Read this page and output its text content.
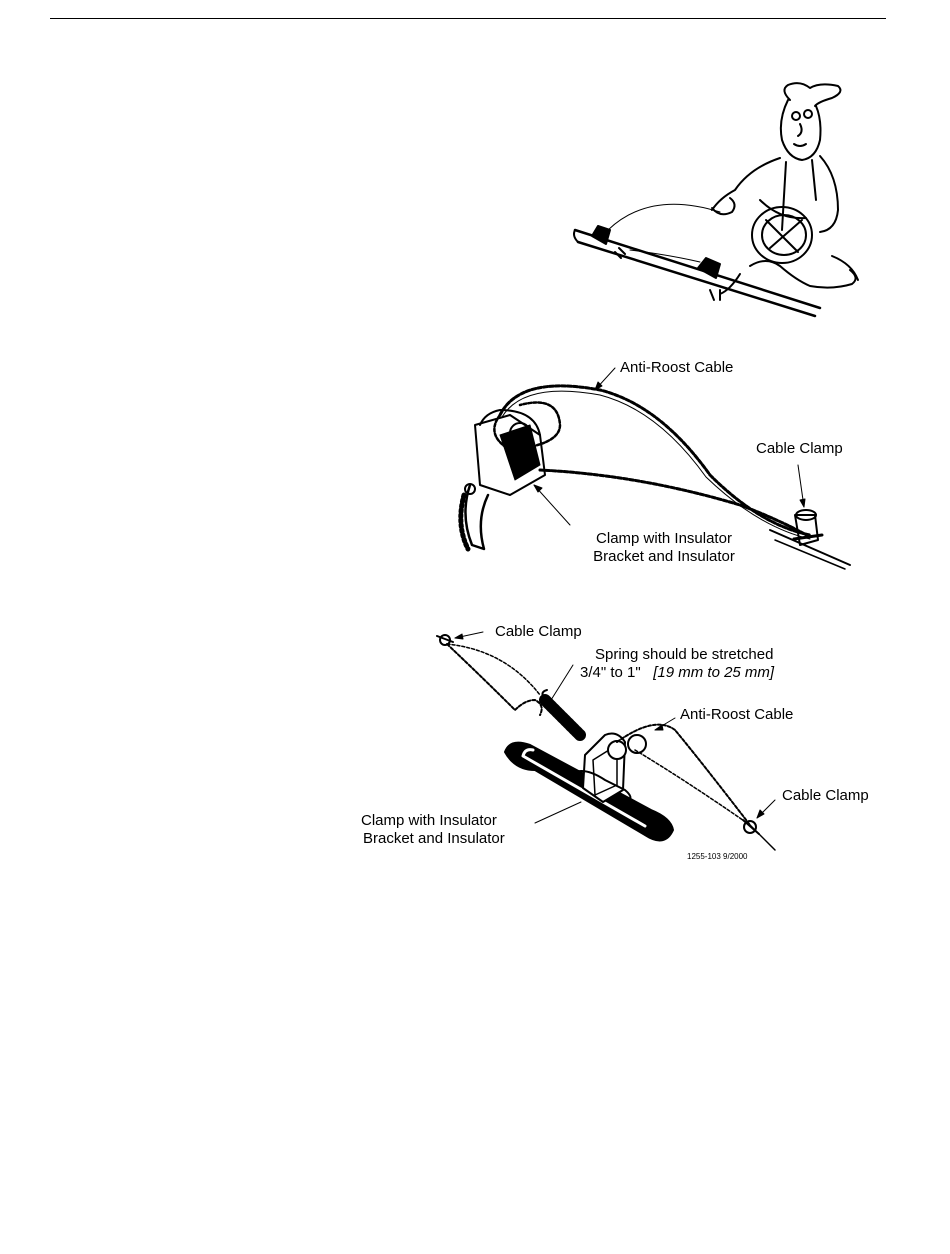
Anti-Roost Cable
Cable Clamp
Clamp with Insulator
Bracket and Insulator
Cable Clamp
Spring should be stretched
3/4" to 1" [19 mm to 25 mm]
Anti-Roost Cable
Cable Clamp
Clamp with Insulator
Bracket and Insulator
1255-103 9/2000
